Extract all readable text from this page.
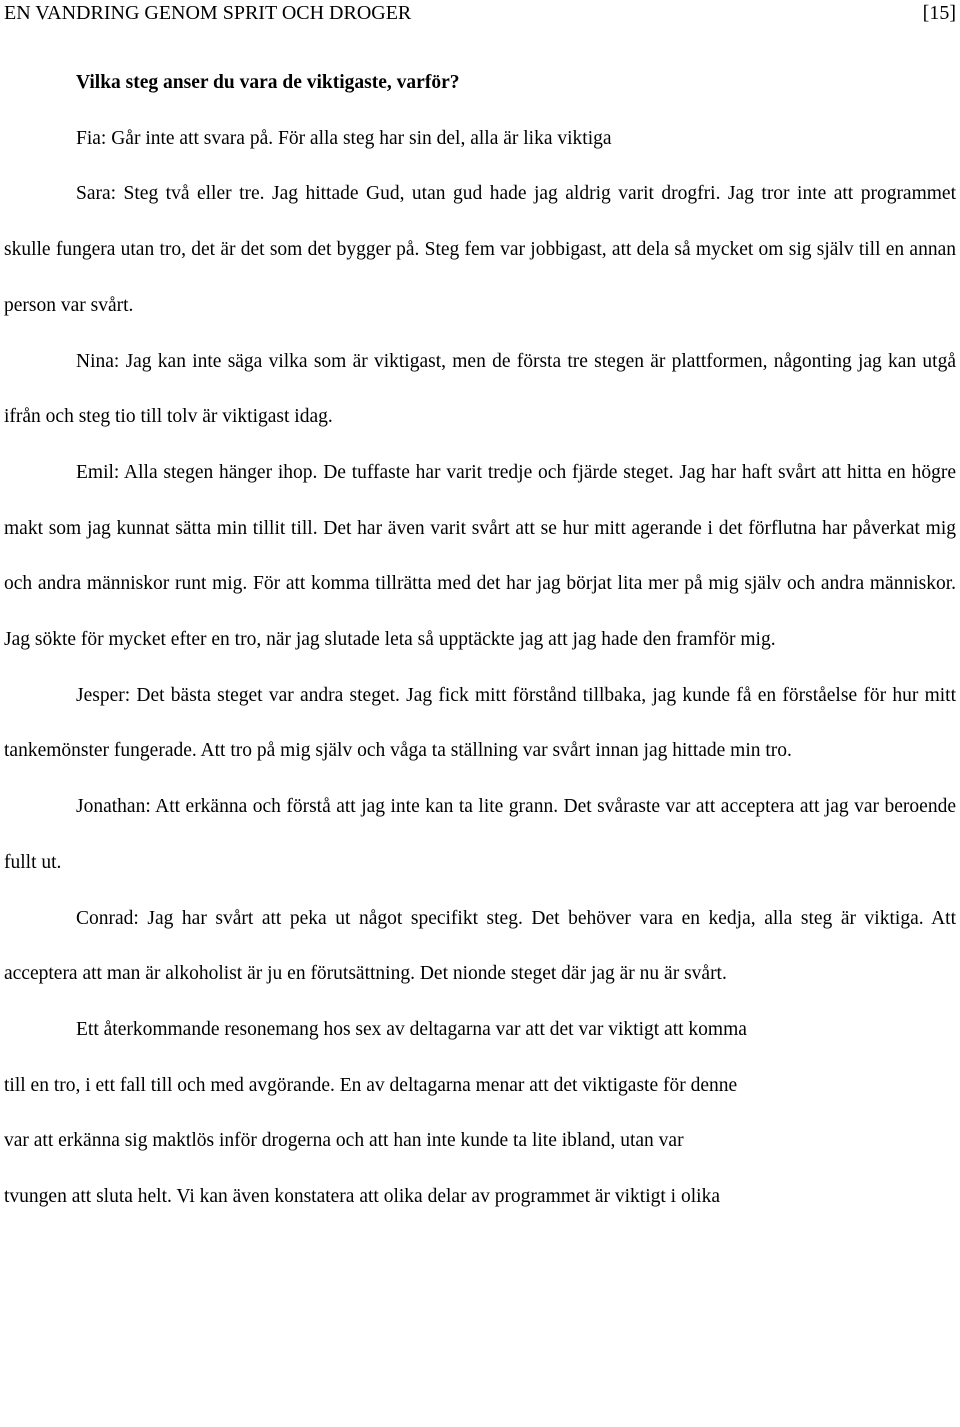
EN VANDRING GENOM SPRIT OCH DROGER	[15]

Vilka steg anser du vara de viktigaste, varför?

Fia: Går inte att svara på. För alla steg har sin del, alla är lika viktiga

Sara: Steg två eller tre. Jag hittade Gud, utan gud hade jag aldrig varit drogfri. Jag tror inte att programmet skulle fungera utan tro, det är det som det bygger på. Steg fem var jobbigast, att dela så mycket om sig själv till en annan person var svårt.

Nina: Jag kan inte säga vilka som är viktigast, men de första tre stegen är plattformen, någonting jag kan utgå ifrån och steg tio till tolv är viktigast idag.

Emil: Alla stegen hänger ihop. De tuffaste har varit tredje och fjärde steget. Jag har haft svårt att hitta en högre makt som jag kunnat sätta min tillit till. Det har även varit svårt att se hur mitt agerande i det förflutna har påverkat mig och andra människor runt mig. För att komma tillrätta med det har jag börjat lita mer på mig själv och andra människor. Jag sökte för mycket efter en tro, när jag slutade leta så upptäckte jag att jag hade den framför mig.

Jesper: Det bästa steget var andra steget. Jag fick mitt förstånd tillbaka, jag kunde få en förståelse för hur mitt tankemönster fungerade. Att tro på mig själv och våga ta ställning var svårt innan jag hittade min tro.

Jonathan: Att erkänna och förstå att jag inte kan ta lite grann. Det svåraste var att acceptera att jag var beroende fullt ut.

Conrad: Jag har svårt att peka ut något specifikt steg. Det behöver vara en kedja, alla steg är viktiga. Att acceptera att man är alkoholist är ju en förutsättning. Det nionde steget där jag är nu är svårt.

Ett återkommande resonemang hos sex av deltagarna var att det var viktigt att komma
till en tro, i ett fall till och med avgörande. En av deltagarna menar att det viktigaste för denne
var att erkänna sig maktlös inför drogerna och att han inte kunde ta lite ibland, utan var
tvungen att sluta helt. Vi kan även konstatera att olika delar av programmet är viktigt i olika
